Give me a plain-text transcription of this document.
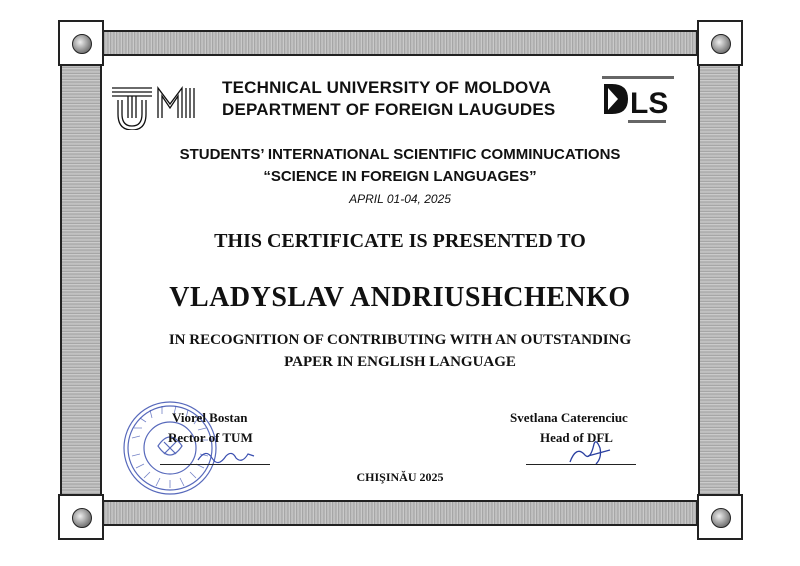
TECHNICAL UNIVERSITY OF MOLDOVA
DEPARTMENT OF FOREIGN LAUGUDES LS
STUDENTS’ INTERNATIONAL SCIENTIFIC COMMINUCATIONS
“SCIENCE IN FOREIGN LANGUAGES”
APRIL 01-04, 2025
THIS CERTIFICATE IS PRESENTED TO
VLADYSLAV ANDRIUSHCHENKO
IN RECOGNITION OF CONTRIBUTING WITH AN OUTSTANDING
PAPER IN ENGLISH LANGUAGE
Viorel Bostan
Rector of TUM
Svetlana Caterenciuc
Head of DFL
CHIŞINĂU 2025
